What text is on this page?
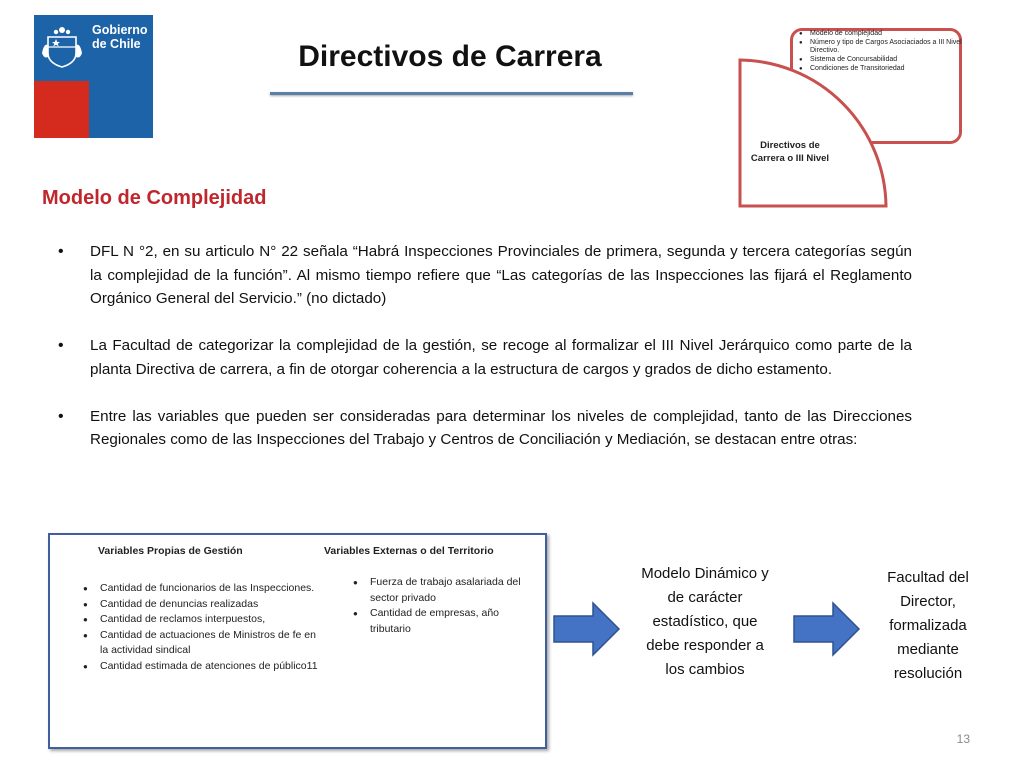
Gobierno
de Chile	Directivos de Carrera
● Modelo de complejidad
● Número y tipo de Cargos Asociaciados a III Nivel Directivo.
● Sistema de Concursabilidad
● Condiciones de Transitoriedad
Directivos de
Carrera o III Nivel
Modelo de Complejidad
• DFL N °2, en su articulo N° 22 señala “Habrá Inspecciones Provinciales de primera, segunda y tercera categorías según la complejidad de la función”. Al mismo tiempo refiere que “Las categorías de las Inspecciones las fijará el Reglamento Orgánico General del Servicio.” (no dictado)
• La Facultad de categorizar la complejidad de la gestión, se recoge al formalizar el III Nivel Jerárquico como parte de la planta Directiva de carrera, a fin de otorgar coherencia a la estructura de cargos y grados de dicho estamento.
• Entre las variables que pueden ser consideradas para determinar los niveles de complejidad, tanto de las Direcciones Regionales como de las Inspecciones del Trabajo y Centros de Conciliación y Mediación, se destacan entre otras:
Variables Propias de Gestión
● Cantidad de funcionarios de las Inspecciones.
● Cantidad de denuncias realizadas
● Cantidad de reclamos interpuestos,
● Cantidad de actuaciones de Ministros de fe en la actividad sindical
● Cantidad estimada de atenciones de público11
Variables Externas o del Territorio
● Fuerza de trabajo asalariada del sector privado
● Cantidad de empresas, año tributario
Modelo Dinámico y de carácter estadístico, que debe responder a los cambios
Facultad del Director, formalizada mediante resolución
13
